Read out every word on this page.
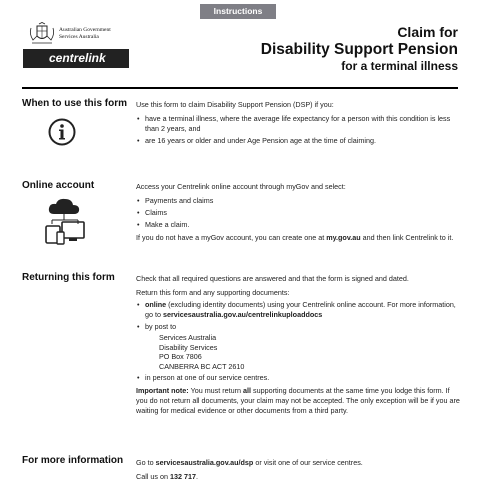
Instructions
Australian Government
Services Australia
centrelink
Claim for
Disability Support Pension
for a terminal illness
When to use this form Use this form to claim Disability Support Pension (DSP) if you:

• have a terminal illness, where the average life expectancy for a person with this condition is less than 2 years, and
• are 16 years or older and under Age Pension age at the time of claiming.
Online account	Access your Centrelink online account through myGov and select:

• Payments and claims
• Claims
• Make a claim.

If you do not have a myGov account, you can create one at my.gov.au and then link Centrelink to it.

Returning this form	Check that all required questions are answered and that the form is signed and dated.

Return this form and any supporting documents:

• online (excluding identity documents) using your Centrelink online account. For more information, go to servicesaustralia.gov.au/centrelinkuploaddocs
• by post to
Services Australia
Disability Services
PO Box 7806
CANBERRA BC ACT 2610
• in person at one of our service centres.

Important note: You must return all supporting documents at the same time you lodge this form. If you do not return all documents, your claim may not be accepted. The only exception will be if you are waiting for medical evidence or other documents from a third party.

For more information Go to servicesaustralia.gov.au/dsp or visit one of our service centres.

Call us on 132 717.
